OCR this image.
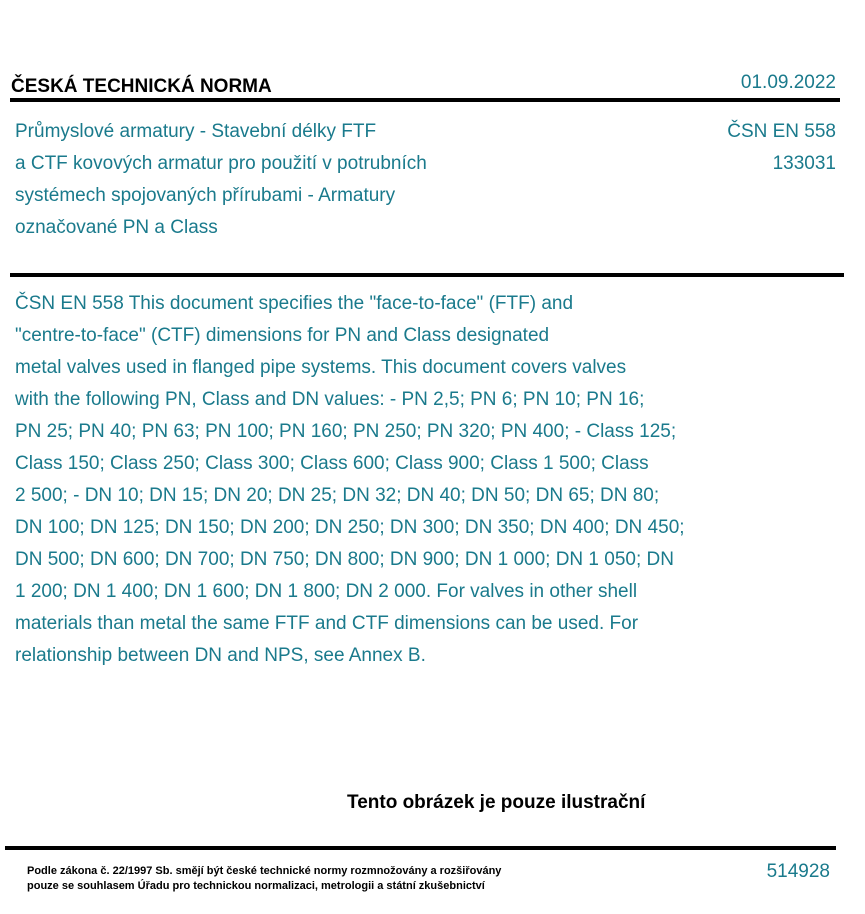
ČESKÁ TECHNICKÁ NORMA	01.09.2022
Průmyslové armatury - Stavební délky FTF
a CTF kovových armatur pro použití v potrubních
systémech spojovaných přírubami - Armatury
označované PN a Class
ČSN EN 558
133031
ČSN EN 558 This document specifies the "face-to-face" (FTF) and
"centre-to-face" (CTF) dimensions for PN and Class designated
metal valves used in flanged pipe systems. This document covers valves
with the following PN, Class and DN values: - PN 2,5; PN 6; PN 10; PN 16;
PN 25; PN 40; PN 63; PN 100; PN 160; PN 250; PN 320; PN 400; - Class 125;
Class 150; Class 250; Class 300; Class 600; Class 900; Class 1 500; Class
2 500; - DN 10; DN 15; DN 20; DN 25; DN 32; DN 40; DN 50; DN 65; DN 80;
DN 100; DN 125; DN 150; DN 200; DN 250; DN 300; DN 350; DN 400; DN 450;
DN 500; DN 600; DN 700; DN 750; DN 800; DN 900; DN 1 000; DN 1 050; DN
1 200; DN 1 400; DN 1 600; DN 1 800; DN 2 000. For valves in other shell
materials than metal the same FTF and CTF dimensions can be used. For
relationship between DN and NPS, see Annex B.
Tento obrázek je pouze ilustrační
Podle zákona č. 22/1997 Sb. smějí být české technické normy rozmnožovány a rozšiřovány
pouze se souhlasem Úřadu pro technickou normalizaci, metrologii a státní zkušebnictví
514928
